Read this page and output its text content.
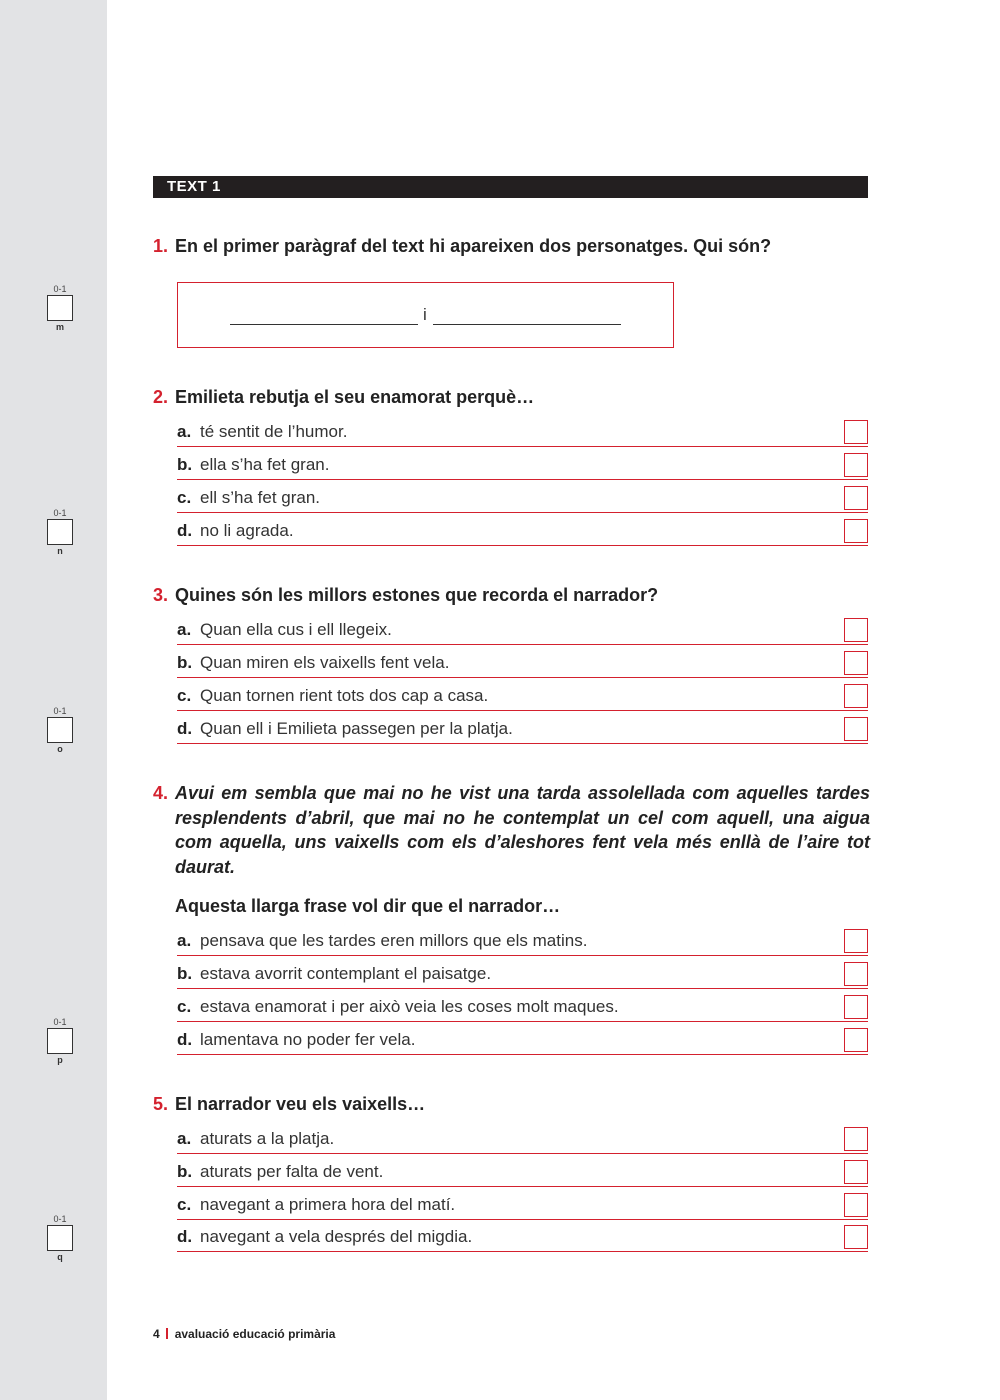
0-1
m
0-1
n
0-1
o
0-1
p
0-1
q
TEXT 1
1. En el primer paràgraf del text hi apareixen dos personatges. Qui són?
i
2. Emilieta rebutja el seu enamorat perquè…
a. té sentit de l’humor.
b. ella s’ha fet gran.
c. ell s’ha fet gran.
d. no li agrada.
3. Quines són les millors estones que recorda el narrador?
a. Quan ella cus i ell llegeix.
b. Quan miren els vaixells fent vela.
c. Quan tornen rient tots dos cap a casa.
d. Quan ell i Emilieta passegen per la platja.
4. Avui em sembla que mai no he vist una tarda assolellada com aquelles tardes resplendents d’abril, que mai no he contemplat un cel com aquell, una aigua com aquella, uns vaixells com els d’aleshores fent vela més enllà de l’aire tot daurat.
Aquesta llarga frase vol dir que el narrador…
a. pensava que les tardes eren millors que els matins.
b. estava avorrit contemplant el paisatge.
c. estava enamorat i per això veia les coses molt maques.
d. lamentava no poder fer vela.
5. El narrador veu els vaixells…
a. aturats a la platja.
b. aturats per falta de vent.
c. navegant a primera hora del matí.
d. navegant a vela després del migdia.
4 avaluació educació primària
